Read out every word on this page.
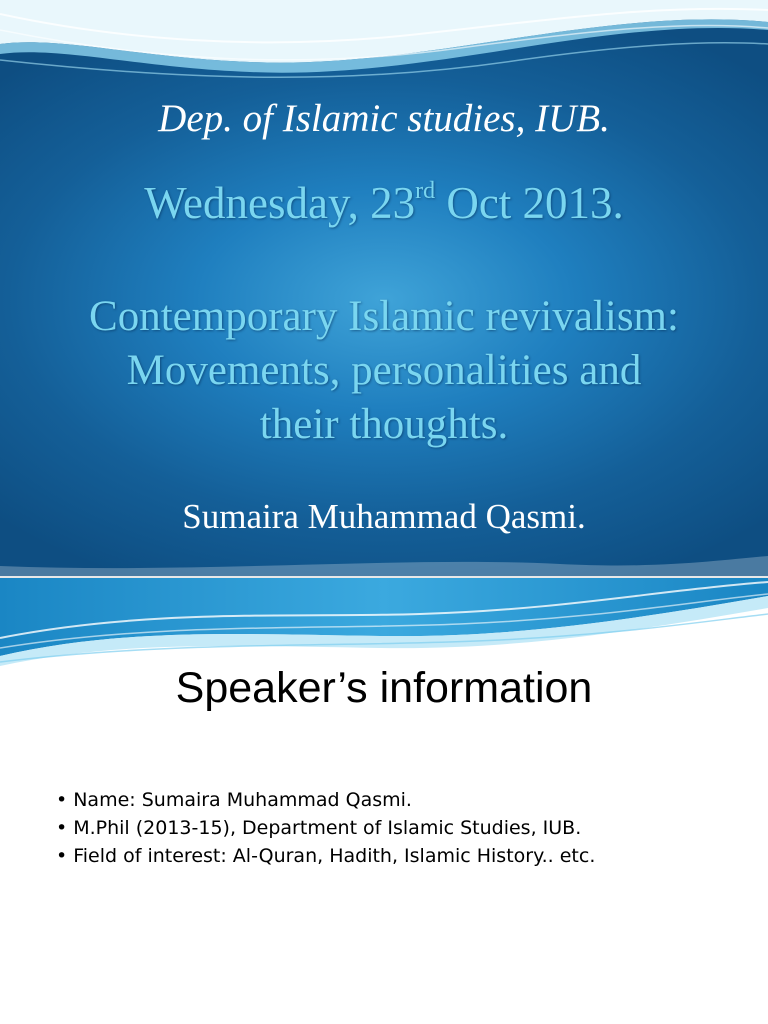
Dep. of Islamic studies, IUB.
Wednesday, 23rd Oct 2013.
Contemporary Islamic revivalism:
Movements, personalities and
their thoughts.
Sumaira Muhammad Qasmi.
Speaker’s information
• Name: Sumaira Muhammad Qasmi.
• M.Phil (2013-15), Department of Islamic Studies, IUB.
• Field of interest: Al-Quran, Hadith, Islamic History.. etc.
